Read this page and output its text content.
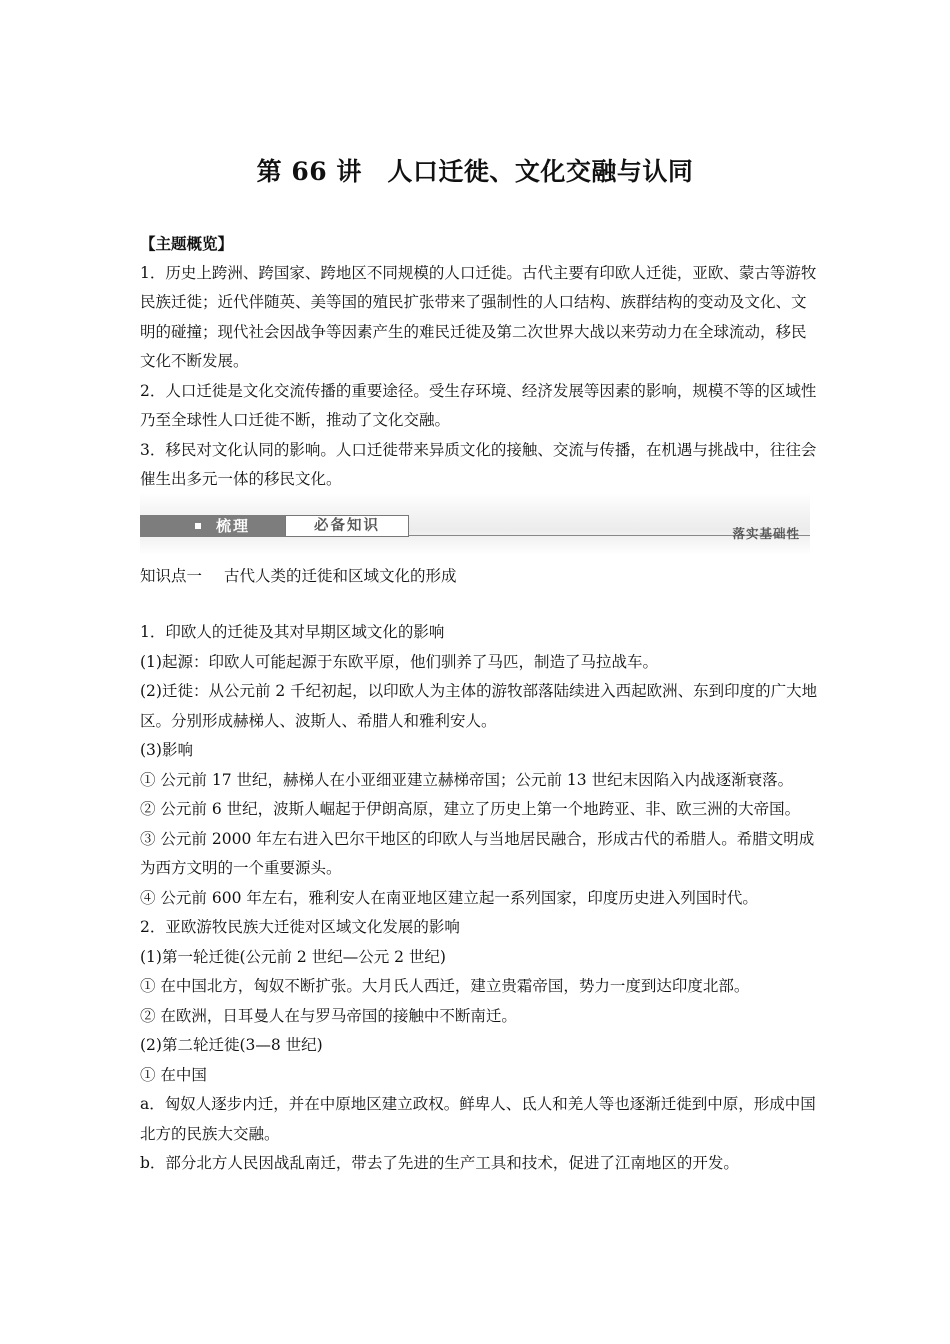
第 66 讲　人口迁徙、文化交融与认同

【主题概览】

1．历史上跨洲、跨国家、跨地区不同规模的人口迁徙。古代主要有印欧人迁徙，亚欧、蒙古等游牧民族迁徙；近代伴随英、美等国的殖民扩张带来了强制性的人口结构、族群结构的变动及文化、文明的碰撞；现代社会因战争等因素产生的难民迁徙及第二次世界大战以来劳动力在全球流动，移民文化不断发展。

2．人口迁徙是文化交流传播的重要途径。受生存环境、经济发展等因素的影响，规模不等的区域性乃至全球性人口迁徙不断，推动了文化交融。

3．移民对文化认同的影响。人口迁徙带来异质文化的接触、交流与传播，在机遇与挑战中，往往会催生出多元一体的移民文化。

梳理	必备知识	落实基础性
知识点一 古代人类的迁徙和区域文化的形成

1．印欧人的迁徙及其对早期区域文化的影响

(1)起源：印欧人可能起源于东欧平原，他们驯养了马匹，制造了马拉战车。

(2)迁徙：从公元前 2 千纪初起，以印欧人为主体的游牧部落陆续进入西起欧洲、东到印度的广大地区。分别形成赫梯人、波斯人、希腊人和雅利安人。

(3)影响

① 公元前 17 世纪，赫梯人在小亚细亚建立赫梯帝国；公元前 13 世纪末因陷入内战逐渐衰落。

② 公元前 6 世纪，波斯人崛起于伊朗高原，建立了历史上第一个地跨亚、非、欧三洲的大帝国。

③ 公元前 2000 年左右进入巴尔干地区的印欧人与当地居民融合，形成古代的希腊人。希腊文明成为西方文明的一个重要源头。

④ 公元前 600 年左右，雅利安人在南亚地区建立起一系列国家，印度历史进入列国时代。

2．亚欧游牧民族大迁徙对区域文化发展的影响

(1)第一轮迁徙(公元前 2 世纪—公元 2 世纪)

① 在中国北方，匈奴不断扩张。大月氏人西迁，建立贵霜帝国，势力一度到达印度北部。

② 在欧洲，日耳曼人在与罗马帝国的接触中不断南迁。

(2)第二轮迁徙(3—8 世纪)

① 在中国

a．匈奴人逐步内迁，并在中原地区建立政权。鲜卑人、氐人和羌人等也逐渐迁徙到中原，形成中国北方的民族大交融。

b．部分北方人民因战乱南迁，带去了先进的生产工具和技术，促进了江南地区的开发。
